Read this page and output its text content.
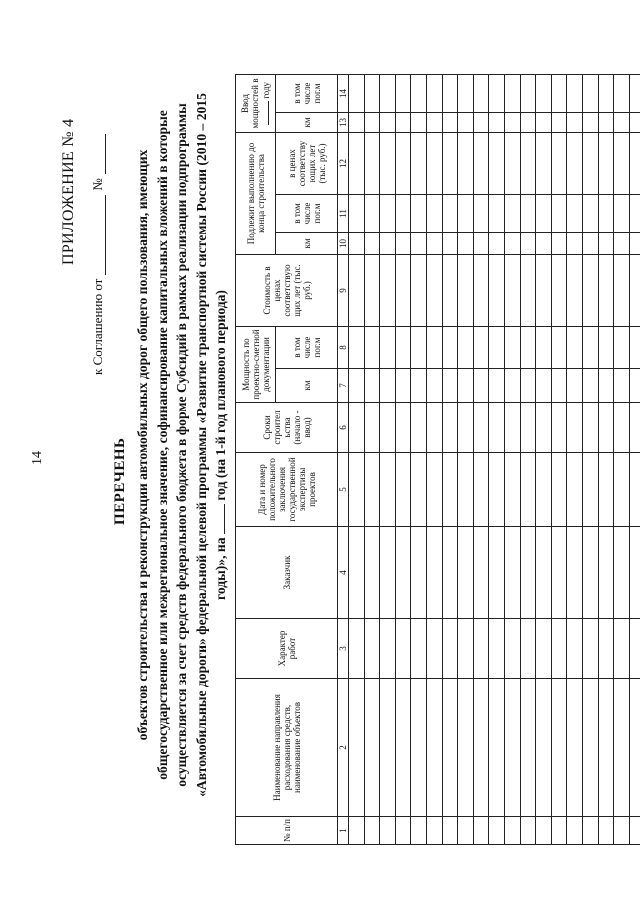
14
ПРИЛОЖЕНИЕ № 4
к Соглашению от
№
ПЕРЕЧЕНЬ объектов строительства и реконструкции автомобильных дорог общего пользования, имеющих общегосударственное или межрегиональное значение, софинансирование капитальных вложений в которые осуществляется за счет средств федерального бюджета в форме Субсидий в рамках реализации подпрограммы «Автомобильные дороги» федеральной целевой программы «Развитие транспортной системы России (2010 – 2015 годы)», на  год (на 1-й год планового периода)
№ п/п	Наименование направления расходования средств, наименование объектов	Характер работ	Заказчик	Дата и номер положительного заключения государственной экспертизы проектов	Сроки строител ьства (начало - ввод)	Мощность по проектно-сметной документации		Стоимость в ценах соответствую щих лет (тыс. руб.)	Подлежит выполнению до конца строительства			Ввод мощностей в  году	
						км	в том числе пог.м		км	в том числе пог.м	в ценах соответству ющих лет (тыс. руб.)	км	в том числе пог.м
1	2	3	4	5	6	7	8	9	10	11	12	13	14
